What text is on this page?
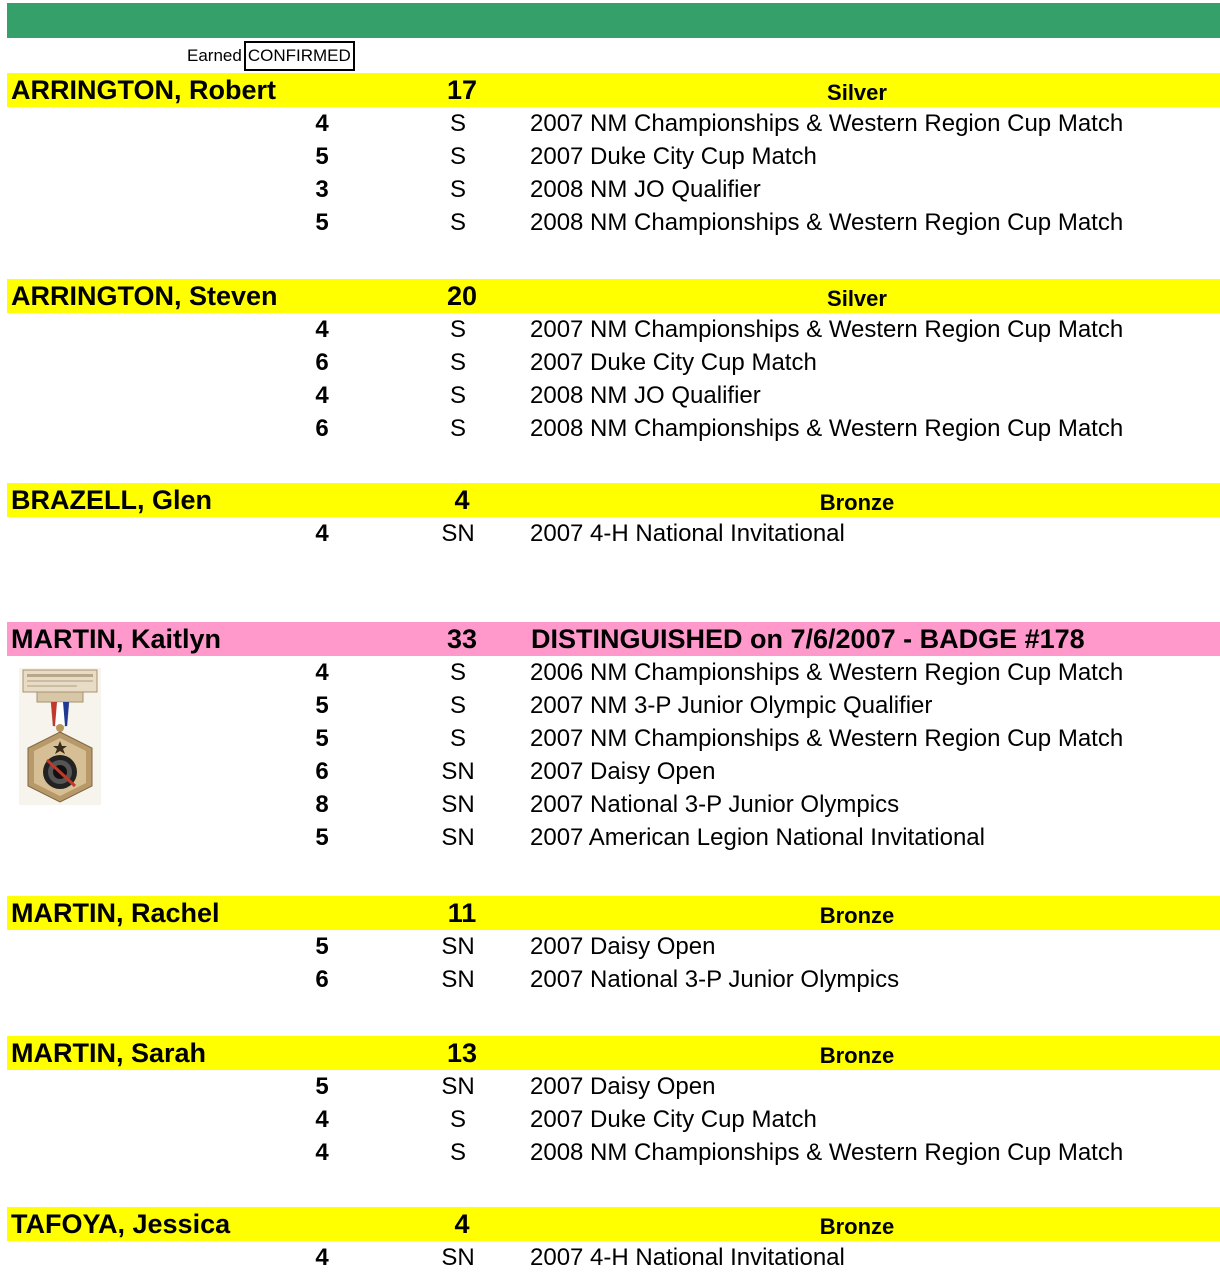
Earned CONFIRMED
ARRINGTON, Robert	17	Silver
4	S	2007 NM Championships & Western Region Cup Match
5	S	2007 Duke City Cup Match
3	S	2008 NM JO Qualifier
5	S	2008 NM Championships & Western Region Cup Match
ARRINGTON, Steven	20	Silver
4	S	2007 NM Championships & Western Region Cup Match
6	S	2007 Duke City Cup Match
4	S	2008 NM JO Qualifier
6	S	2008 NM Championships & Western Region Cup Match
BRAZELL, Glen	4	Bronze
4	SN	2007 4-H National Invitational
MARTIN, Kaitlyn	33	DISTINGUISHED on 7/6/2007 - BADGE #178
4	S	2006 NM Championships & Western Region Cup Match
5	S	2007 NM 3-P Junior Olympic Qualifier
5	S	2007 NM Championships & Western Region Cup Match
6	SN	2007 Daisy Open
8	SN	2007 National 3-P Junior Olympics
5	SN	2007 American Legion National Invitational
MARTIN, Rachel	11	Bronze
5	SN	2007 Daisy Open
6	SN	2007 National 3-P Junior Olympics
MARTIN, Sarah	13	Bronze
5	SN	2007 Daisy Open
4	S	2007 Duke City Cup Match
4	S	2008 NM Championships & Western Region Cup Match
TAFOYA, Jessica	4	Bronze
4	SN	2007 4-H National Invitational
